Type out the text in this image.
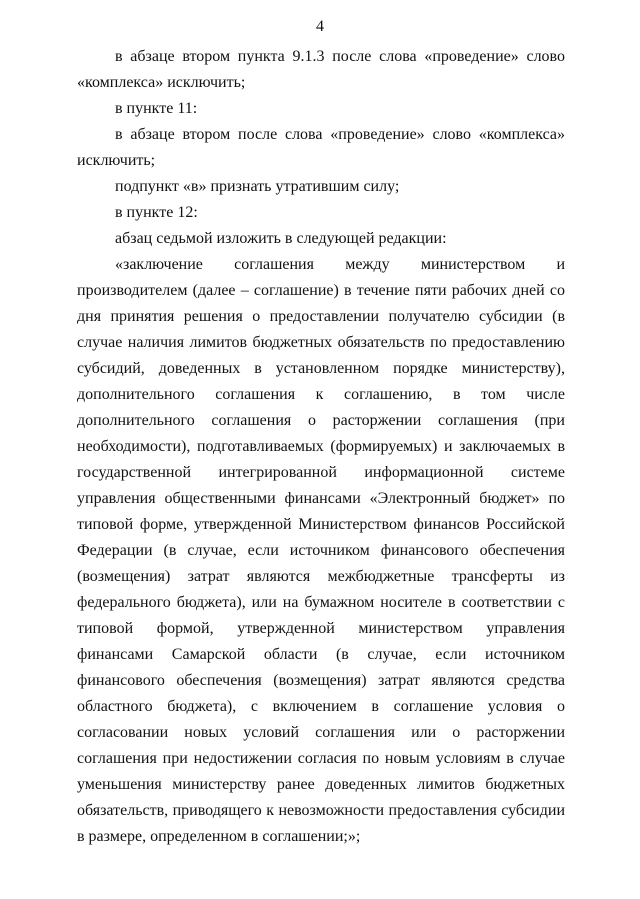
4

в абзаце втором пункта 9.1.3 после слова «проведение» слово «комплекса» исключить;

в пункте 11:

в абзаце втором после слова «проведение» слово «комплекса» исключить;

подпункт «в» признать утратившим силу;

в пункте 12:

абзац седьмой изложить в следующей редакции:

«заключение соглашения между министерством и производителем (далее – соглашение) в течение пяти рабочих дней со дня принятия решения о предоставлении получателю субсидии (в случае наличия лимитов бюджетных обязательств по предоставлению субсидий, доведенных в установленном порядке министерству), дополнительного соглашения к соглашению, в том числе дополнительного соглашения о расторжении соглашения (при необходимости), подготавливаемых (формируемых) и заключаемых в государственной интегрированной информационной системе управления общественными финансами «Электронный бюджет» по типовой форме, утвержденной Министерством финансов Российской Федерации (в случае, если источником финансового обеспечения (возмещения) затрат являются межбюджетные трансферты из федерального бюджета), или на бумажном носителе в соответствии с типовой формой, утвержденной министерством управления финансами Самарской области (в случае, если источником финансового обеспечения (возмещения) затрат являются средства областного бюджета), с включением в соглашение условия о согласовании новых условий соглашения или о расторжении соглашения при недостижении согласия по новым условиям в случае уменьшения министерству ранее доведенных лимитов бюджетных обязательств, приводящего к невозможности предоставления субсидии в размере, определенном в соглашении;»;
